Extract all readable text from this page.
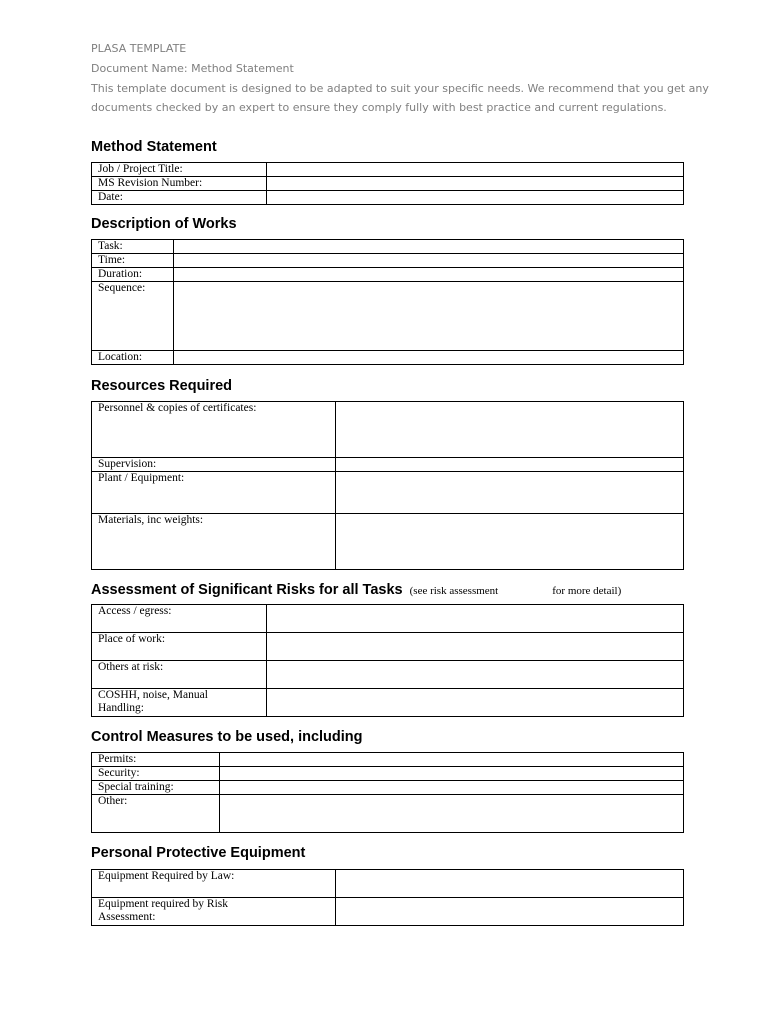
PLASA TEMPLATE
Document Name: Method Statement
This template document is designed to be adapted to suit your specific needs. We recommend that you get any
documents checked by an expert to ensure they comply fully with best practice and current regulations.
Method Statement
Job / Project Title:	
MS Revision Number:	
Date:	
Description of Works
Task:	
Time:	
Duration:	
Sequence:	
Location:	
Resources Required
Personnel & copies of certificates:	
Supervision:	
Plant / Equipment:	
Materials, inc weights:	
Assessment of Significant Risks for all Tasks (see risk assessment	for more detail)
Access / egress:	
Place of work:	
Others at risk:	
COSHH, noise, Manual Handling:	
Control Measures to be used, including
Permits:	
Security:	
Special training:	
Other:	
Personal Protective Equipment
Equipment Required by Law:	
Equipment required by Risk Assessment:	
